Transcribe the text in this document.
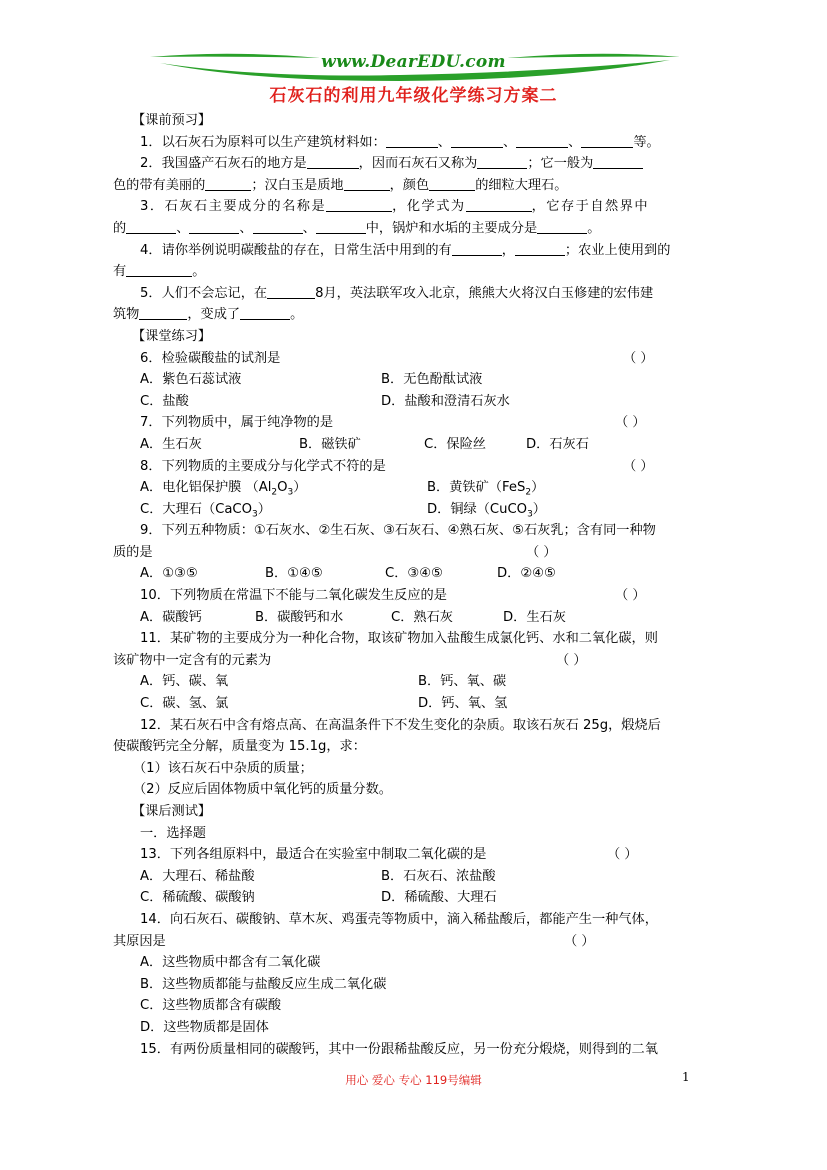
www.DearEDU.com
石灰石的利用九年级化学练习方案二
【课前预习】
1．以石灰石为原料可以生产建筑材料如：	、	、	、	等。
2．我国盛产石灰石的地方是	，因而石灰石又称为	；它一般为
色的带有美丽的	；汉白玉是质地	，颜色	的细粒大理石。
3．石灰石主要成分的名称是	，化学式为	，它存于自然界中
的	、	、	、	中，锅炉和水垢的主要成分是	。
4．请你举例说明碳酸盐的存在，日常生活中用到的有	，	；农业上使用到的
有	。
5．人们不会忘记，在	8月，英法联军攻入北京，熊熊大火将汉白玉修建的宏伟建
筑物	，变成了	。
【课堂练习】
6．检验碳酸盐的试剂是	（ ）
A．紫色石蕊试液	B．无色酚酞试液
C．盐酸	D．盐酸和澄清石灰水
7．下列物质中，属于纯净物的是	（ ）
A．生石灰	B．磁铁矿	C．保险丝	D．石灰石
8．下列物质的主要成分与化学式不符的是	（ ）
A．电化铝保护膜 $(Al_2O_3)$	B．黄铁矿（FeS$_2$）
C．大理石（CaCO$_3$）	D．铜绿（CuCO$_3$）
9．下列五种物质：①石灰水、②生石灰、③石灰石、④熟石灰、⑤石灰乳；含有同一种物
质的是	（ ）
A．①③⑤	B．①④⑤	C．③④⑤	D．②④⑤
10．下列物质在常温下不能与二氧化碳发生反应的是	（ ）
A．碳酸钙	B．碳酸钙和水	C．熟石灰	D．生石灰
11．某矿物的主要成分为一种化合物，取该矿物加入盐酸生成氯化钙、水和二氧化碳，则
该矿物中一定含有的元素为	（ ）
A．钙、碳、氧	B．钙、氧、碳
C．碳、氢、氯	D．钙、氧、氢
12．某石灰石中含有熔点高、在高温条件下不发生变化的杂质。取该石灰石 25g，煅烧后
使碳酸钙完全分解，质量变为 15.1g，求：
（1）该石灰石中杂质的质量；
（2）反应后固体物质中氧化钙的质量分数。
【课后测试】
一．选择题
13．下列各组原料中，最适合在实验室中制取二氧化碳的是	（ ）
A．大理石、稀盐酸	B．石灰石、浓盐酸
C．稀硫酸、碳酸钠	D．稀硫酸、大理石
14．向石灰石、碳酸钠、草木灰、鸡蛋壳等物质中，滴入稀盐酸后，都能产生一种气体，
其原因是	（ ）
A．这些物质中都含有二氧化碳
B．这些物质都能与盐酸反应生成二氧化碳
C．这些物质都含有碳酸
D．这些物质都是固体
15．有两份质量相同的碳酸钙，其中一份跟稀盐酸反应，另一份充分煅烧，则得到的二氧
用心 爱心 专心 119号编辑	1
